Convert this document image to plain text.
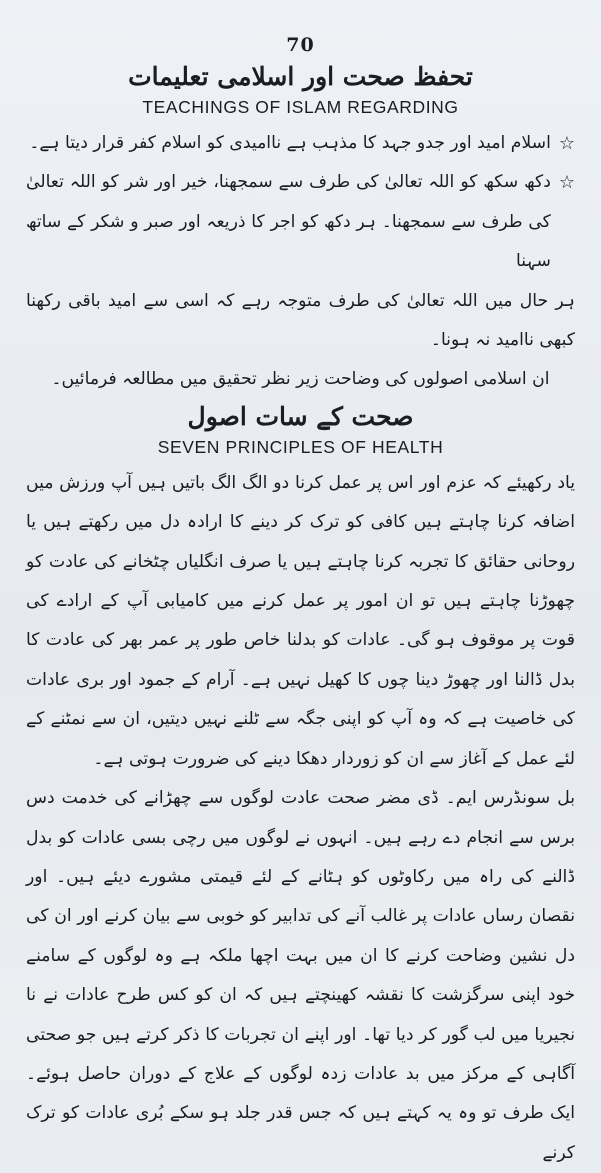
70
تحفظ صحت اور اسلامی تعلیمات
TEACHINGS OF ISLAM REGARDING
☆

اسلام امید اور جدو جہد کا مذہب ہے ناامیدی کو اسلام کفر قرار دیتا ہے۔

☆

دکھ سکھ کو اللہ تعالیٰ کی طرف سے سمجھنا، خیر اور شر کو اللہ تعالیٰ کی طرف سے سمجھنا۔ ہر دکھ کو اجر کا ذریعہ اور صبر و شکر کے ساتھ سہنا

ہر حال میں اللہ تعالیٰ کی طرف متوجہ رہے کہ اسی سے امید باقی رکھنا کبھی ناامید نہ ہونا۔

ان اسلامی اصولوں کی وضاحت زیر نظر تحقیق میں مطالعہ فرمائیں۔

صحت کے سات اصول
SEVEN PRINCIPLES OF HEALTH

یاد رکھیئے کہ عزم اور اس پر عمل کرنا دو الگ الگ باتیں ہیں آپ ورزش میں اضافہ کرنا چاہتے ہیں کافی کو ترک کر دینے کا ارادہ دل میں رکھتے ہیں یا روحانی حقائق کا تجربہ کرنا چاہتے ہیں یا صرف انگلیاں چٹخانے کی عادت کو چھوڑنا چاہتے ہیں تو ان امور پر عمل کرنے میں کامیابی آپ کے ارادے کی قوت پر موقوف ہو گی۔ عادات کو بدلنا خاص طور پر عمر بھر کی عادت کا بدل ڈالنا اور چھوڑ دینا چوں کا کھیل نہیں ہے۔ آرام کے جمود اور بری عادات کی خاصیت ہے کہ وہ آپ کو اپنی جگہ سے ٹلنے نہیں دیتیں، ان سے نمٹنے کے لئے عمل کے آغاز سے ان کو زوردار دھکا دینے کی ضرورت ہوتی ہے۔

بل سونڈرس ایم۔ ڈی مضر صحت عادت لوگوں سے چھڑانے کی خدمت دس برس سے انجام دے رہے ہیں۔ انہوں نے لوگوں میں رچی بسی عادات کو بدل ڈالنے کی راہ میں رکاوٹوں کو ہٹانے کے لئے قیمتی مشورے دیئے ہیں۔ اور نقصان رساں عادات پر غالب آنے کی تدابیر کو خوبی سے بیان کرنے اور ان کی دل نشین وضاحت کرنے کا ان میں بہت اچھا ملکہ ہے وہ لوگوں کے سامنے خود اپنی سرگزشت کا نقشہ کھینچتے ہیں کہ ان کو کس طرح عادات نے نا نجیریا میں لب گور کر دیا تھا۔ اور اپنے ان تجربات کا ذکر کرتے ہیں جو صحتی آگاہی کے مرکز میں بد عادات زدہ لوگوں کے علاج کے دوران حاصل ہوئے۔ ایک طرف تو وہ یہ کہتے ہیں کہ جس قدر جلد ہو سکے بُری عادات کو ترک کرنے
